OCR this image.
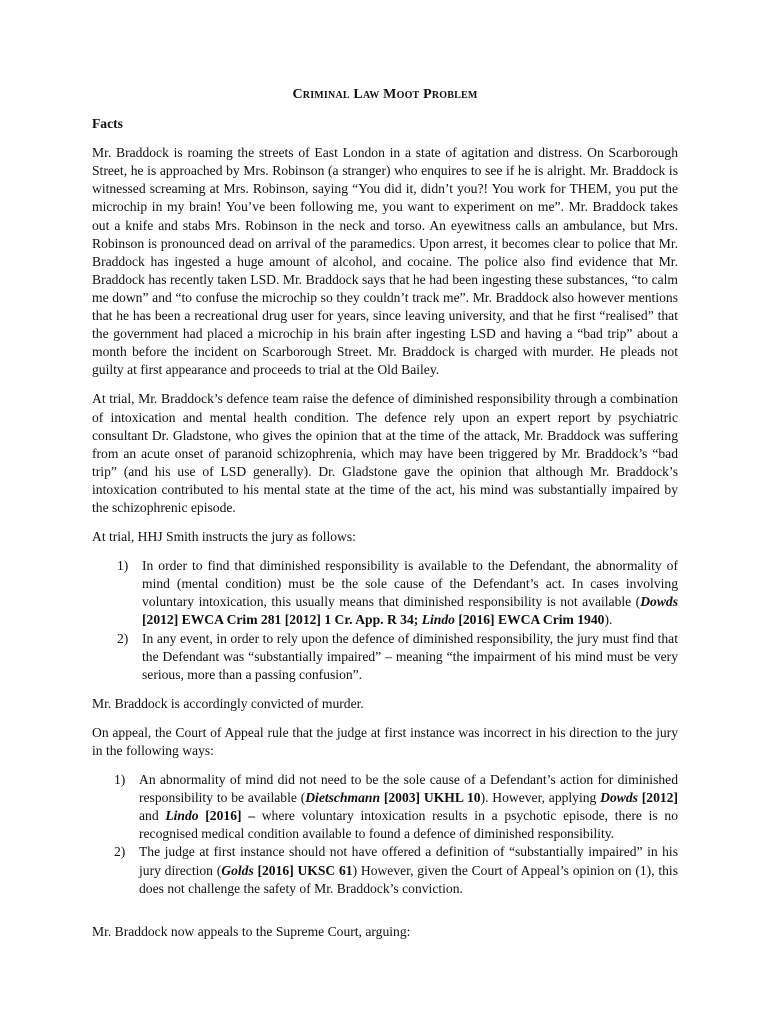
Criminal Law Moot Problem
Facts

Mr. Braddock is roaming the streets of East London in a state of agitation and distress. On Scarborough Street, he is approached by Mrs. Robinson (a stranger) who enquires to see if he is alright. Mr. Braddock is witnessed screaming at Mrs. Robinson, saying “You did it, didn’t you?! You work for THEM, you put the microchip in my brain! You’ve been following me, you want to experiment on me”. Mr. Braddock takes out a knife and stabs Mrs. Robinson in the neck and torso. An eyewitness calls an ambulance, but Mrs. Robinson is pronounced dead on arrival of the paramedics. Upon arrest, it becomes clear to police that Mr. Braddock has ingested a huge amount of alcohol, and cocaine. The police also find evidence that Mr. Braddock has recently taken LSD. Mr. Braddock says that he had been ingesting these substances, “to calm me down” and “to confuse the microchip so they couldn’t track me”. Mr. Braddock also however mentions that he has been a recreational drug user for years, since leaving university, and that he first “realised” that the government had placed a microchip in his brain after ingesting LSD and having a “bad trip” about a month before the incident on Scarborough Street. Mr. Braddock is charged with murder. He pleads not guilty at first appearance and proceeds to trial at the Old Bailey.

At trial, Mr. Braddock’s defence team raise the defence of diminished responsibility through a combination of intoxication and mental health condition. The defence rely upon an expert report by psychiatric consultant Dr. Gladstone, who gives the opinion that at the time of the attack, Mr. Braddock was suffering from an acute onset of paranoid schizophrenia, which may have been triggered by Mr. Braddock’s “bad trip” (and his use of LSD generally). Dr. Gladstone gave the opinion that although Mr. Braddock’s intoxication contributed to his mental state at the time of the act, his mind was substantially impaired by the schizophrenic episode.

At trial, HHJ Smith instructs the jury as follows:

1) In order to find that diminished responsibility is available to the Defendant, the abnormality of mind (mental condition) must be the sole cause of the Defendant’s act. In cases involving voluntary intoxication, this usually means that diminished responsibility is not available (Dowds [2012] EWCA Crim 281 [2012] 1 Cr. App. R 34; Lindo [2016] EWCA Crim 1940).
2) In any event, in order to rely upon the defence of diminished responsibility, the jury must find that the Defendant was “substantially impaired” – meaning “the impairment of his mind must be very serious, more than a passing confusion”.

Mr. Braddock is accordingly convicted of murder.

On appeal, the Court of Appeal rule that the judge at first instance was incorrect in his direction to the jury in the following ways:

1) An abnormality of mind did not need to be the sole cause of a Defendant’s action for diminished responsibility to be available (Dietschmann [2003] UKHL 10). However, applying Dowds [2012] and Lindo [2016] – where voluntary intoxication results in a psychotic episode, there is no recognised medical condition available to found a defence of diminished responsibility.
2) The judge at first instance should not have offered a definition of “substantially impaired” in his jury direction (Golds [2016] UKSC 61) However, given the Court of Appeal’s opinion on (1), this does not challenge the safety of Mr. Braddock’s conviction.

Mr. Braddock now appeals to the Supreme Court, arguing:
